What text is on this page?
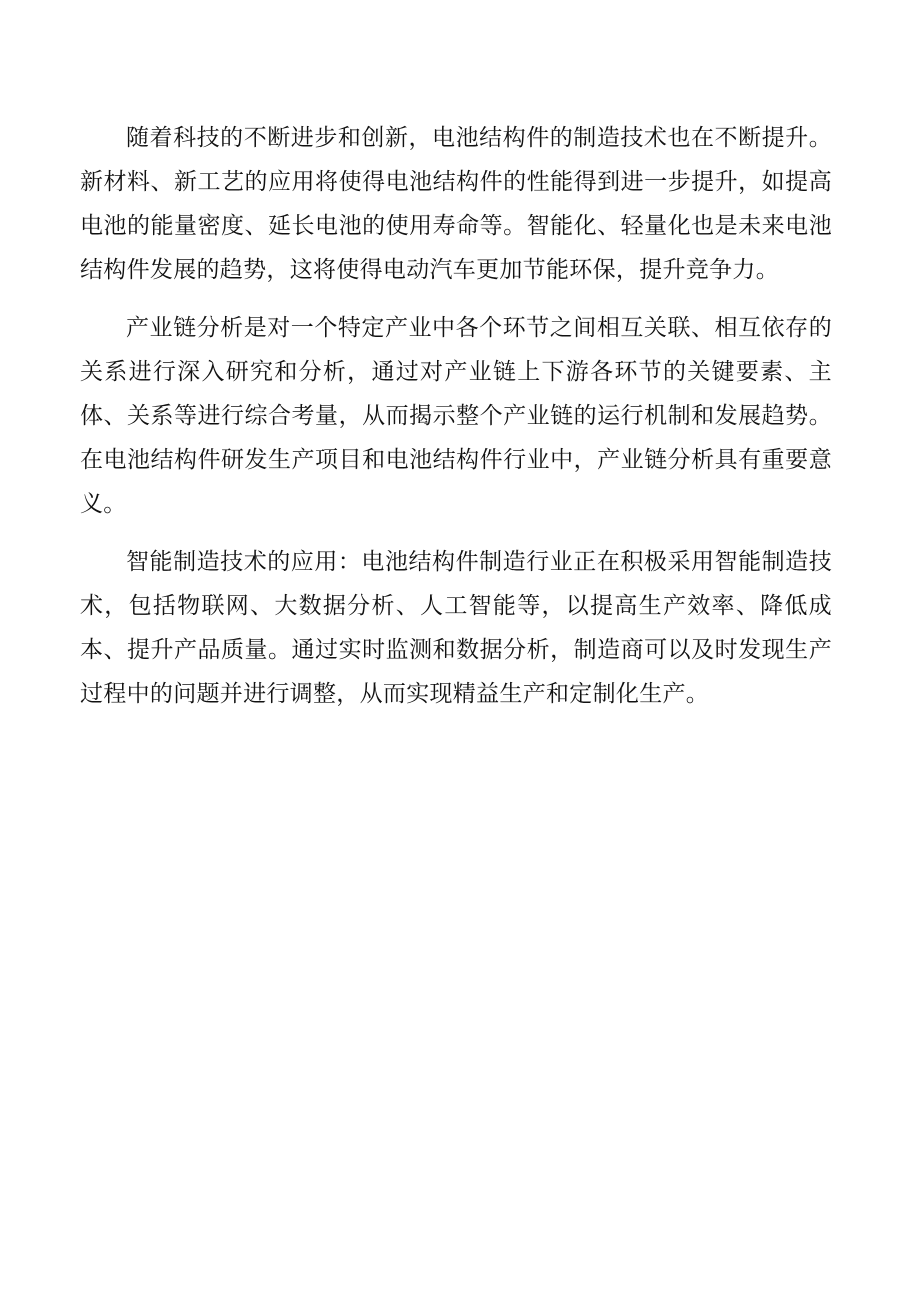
随着科技的不断进步和创新，电池结构件的制造技术也在不断提升。新材料、新工艺的应用将使得电池结构件的性能得到进一步提升，如提高电池的能量密度、延长电池的使用寿命等。智能化、轻量化也是未来电池结构件发展的趋势，这将使得电动汽车更加节能环保，提升竞争力。

产业链分析是对一个特定产业中各个环节之间相互关联、相互依存的关系进行深入研究和分析，通过对产业链上下游各环节的关键要素、主体、关系等进行综合考量，从而揭示整个产业链的运行机制和发展趋势。在电池结构件研发生产项目和电池结构件行业中，产业链分析具有重要意义。

智能制造技术的应用：电池结构件制造行业正在积极采用智能制造技术，包括物联网、大数据分析、人工智能等，以提高生产效率、降低成本、提升产品质量。通过实时监测和数据分析，制造商可以及时发现生产过程中的问题并进行调整，从而实现精益生产和定制化生产。
